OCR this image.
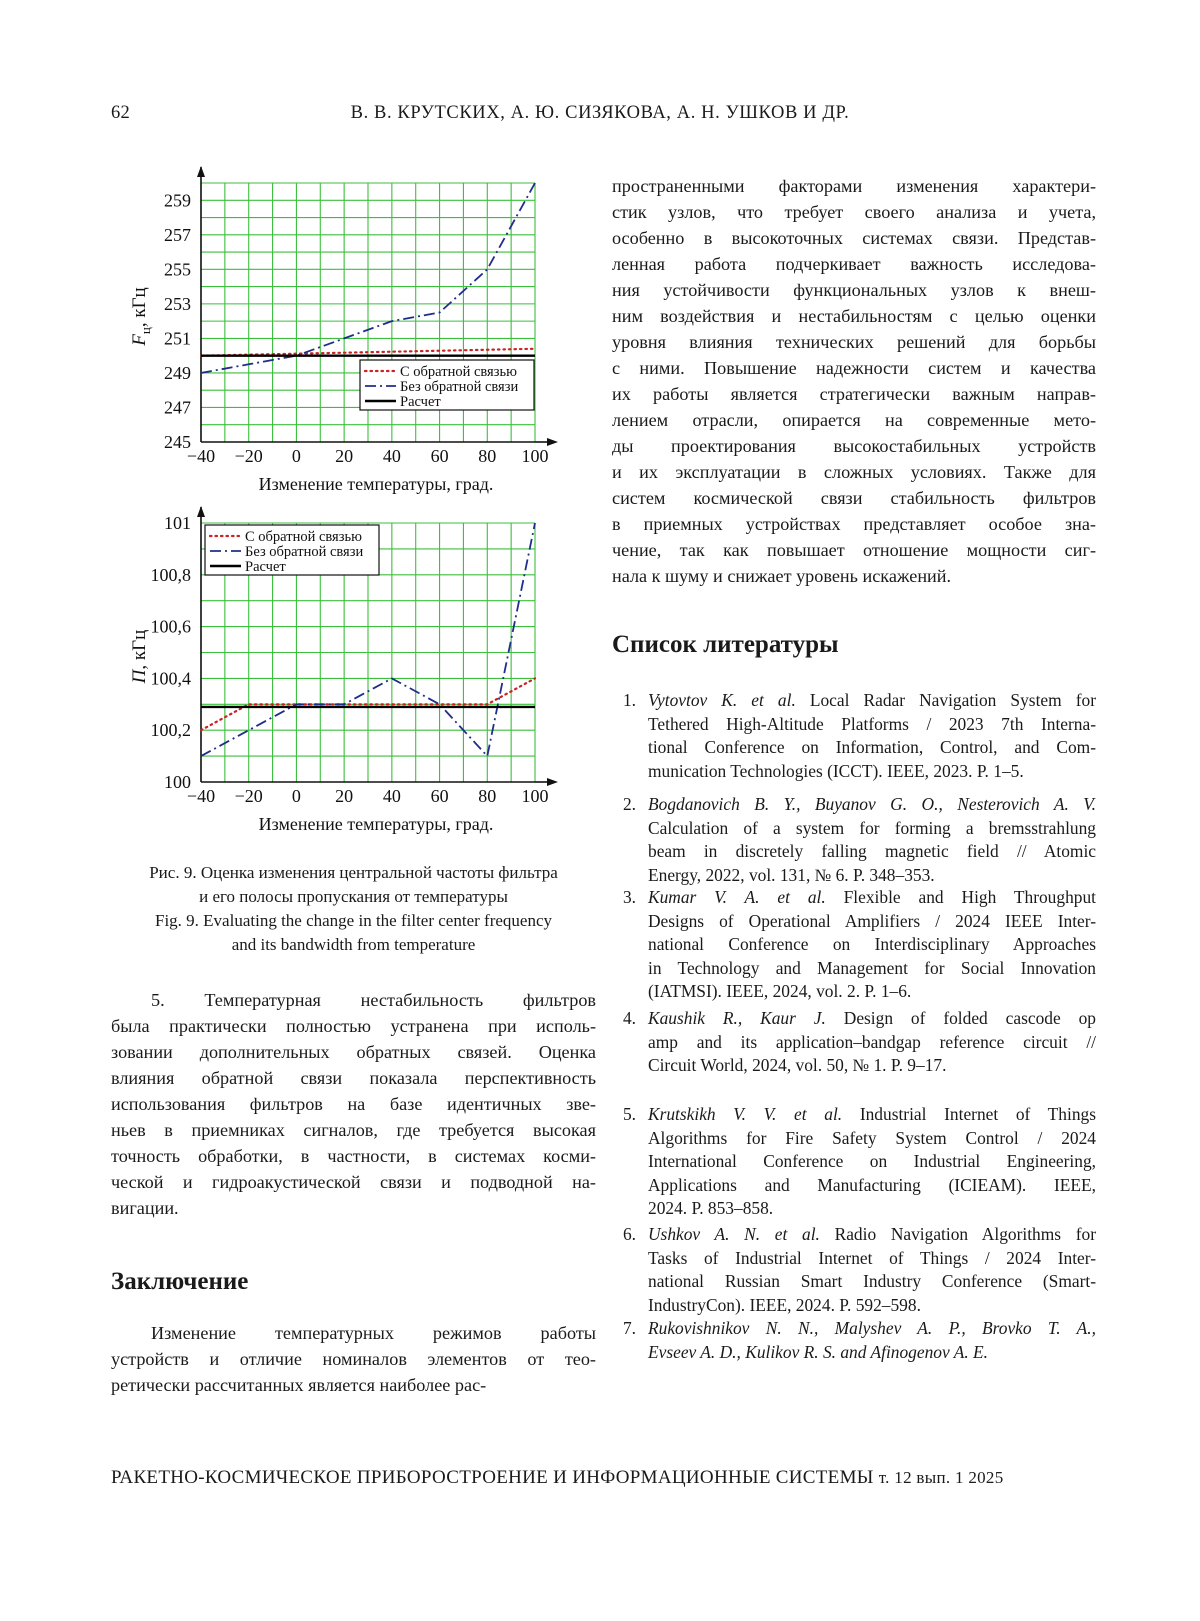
62	В. В. КРУТСКИХ, А. Ю. СИЗЯКОВА, А. Н. УШКОВ И ДР.
−40 −20 0 20 40 60 80 100
245
247
249
251
253
255
257
259
Изменение температуры, град.
$F_ц$, кГц
С обратной связью
Без обратной связи
Расчет
−40 −20 0 20 40 60 80 100
100
100,2
100,4
100,6
100,8
101
Изменение температуры, град.
П, кГц
С обратной связью
Без обратной связи
Расчет
Рис. 9. Оценка изменения центральной частоты фильтра
и его полосы пропускания от температуры
Fig. 9. Evaluating the change in the filter center frequency
and its bandwidth from temperature
5. Температурная нестабильность фильтров
была практически полностью устранена при исполь-
зовании дополнительных обратных связей. Оценка
влияния обратной связи показала перспективность
использования фильтров на базе идентичных зве-
ньев в приемниках сигналов, где требуется высокая
точность обработки, в частности, в системах косми-
ческой и гидроакустической связи и подводной на-
вигации.
Заключение
Изменение температурных режимов работы
устройств и отличие номиналов элементов от тео-
ретически рассчитанных является наиболее рас-
пространенными факторами изменения характери-
стик узлов, что требует своего анализа и учета,
особенно в высокоточных системах связи. Представ-
ленная работа подчеркивает важность исследова-
ния устойчивости функциональных узлов к внеш-
ним воздействия и нестабильностям с целью оценки
уровня влияния технических решений для борьбы
с ними. Повышение надежности систем и качества
их работы является стратегически важным направ-
лением отрасли, опирается на современные мето-
ды проектирования высокостабильных устройств
и их эксплуатации в сложных условиях. Также для
систем космической связи стабильность фильтров
в приемных устройствах представляет особое зна-
чение, так как повышает отношение мощности сиг-
нала к шуму и снижает уровень искажений.
Список литературы
1. Vytovtov K. et al. Local Radar Navigation System for
Tethered High-Altitude Platforms / 2023 7th Interna-
tional Conference on Information, Control, and Com-
munication Technologies (ICCT). IEEE, 2023. P. 1–5.
2. Bogdanovich B. Y., Buyanov G. O., Nesterovich A. V.
Calculation of a system for forming a bremsstrahlung
beam in discretely falling magnetic field // Atomic
Energy, 2022, vol. 131, № 6. P. 348–353.
3. Kumar V. A. et al. Flexible and High Throughput
Designs of Operational Amplifiers / 2024 IEEE Inter-
national Conference on Interdisciplinary Approaches
in Technology and Management for Social Innovation
(IATMSI). IEEE, 2024, vol. 2. P. 1–6.
4. Kaushik R., Kaur J. Design of folded cascode op
amp and its application–bandgap reference circuit //
Circuit World, 2024, vol. 50, № 1. P. 9–17.
5. Krutskikh V. V. et al. Industrial Internet of Things
Algorithms for Fire Safety System Control / 2024
International Conference on Industrial Engineering,
Applications and Manufacturing (ICIEAM). IEEE,
2024. P. 853–858.
6. Ushkov A. N. et al. Radio Navigation Algorithms for
Tasks of Industrial Internet of Things / 2024 Inter-
national Russian Smart Industry Conference (Smart-
IndustryCon). IEEE, 2024. P. 592–598.
7. Rukovishnikov N. N., Malyshev A. P., Brovko T. A.,
Evseev A. D., Kulikov R. S. and Afinogenov A. E.
РАКЕТНО-КОСМИЧЕСКОЕ ПРИБОРОСТРОЕНИЕ И ИНФОРМАЦИОННЫЕ СИСТЕМЫ т. 12 вып. 1 2025
